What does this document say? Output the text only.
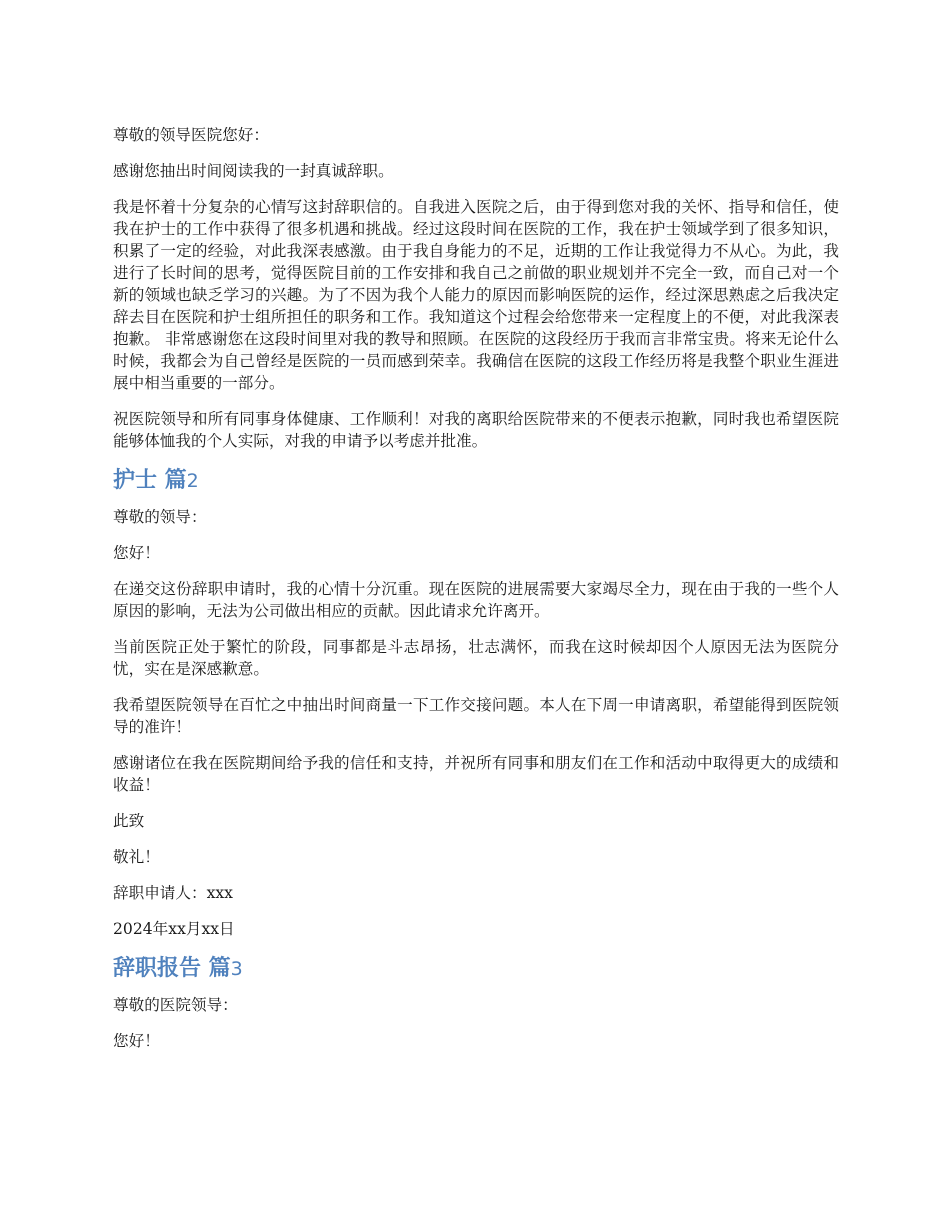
尊敬的领导医院您好：

感谢您抽出时间阅读我的一封真诚辞职。

我是怀着十分复杂的心情写这封辞职信的。自我进入医院之后，由于得到您对我的关怀、指导和信任，使我在护士的工作中获得了很多机遇和挑战。经过这段时间在医院的工作，我在护士领域学到了很多知识，积累了一定的经验，对此我深表感激。由于我自身能力的不足，近期的工作让我觉得力不从心。为此，我进行了长时间的思考，觉得医院目前的工作安排和我自己之前做的职业规划并不完全一致，而自己对一个新的领域也缺乏学习的兴趣。为了不因为我个人能力的原因而影响医院的运作，经过深思熟虑之后我决定辞去目在医院和护士组所担任的职务和工作。我知道这个过程会给您带来一定程度上的不便，对此我深表抱歉。 非常感谢您在这段时间里对我的教导和照顾。在医院的这段经历于我而言非常宝贵。将来无论什么时候，我都会为自己曾经是医院的一员而感到荣幸。我确信在医院的这段工作经历将是我整个职业生涯进展中相当重要的一部分。

祝医院领导和所有同事身体健康、工作顺利！对我的离职给医院带来的不便表示抱歉，同时我也希望医院能够体恤我的个人实际，对我的申请予以考虑并批准。

护士 篇2

尊敬的领导：

您好！

在递交这份辞职申请时，我的心情十分沉重。现在医院的进展需要大家竭尽全力，现在由于我的一些个人原因的影响，无法为公司做出相应的贡献。因此请求允许离开。

当前医院正处于繁忙的阶段，同事都是斗志昂扬，壮志满怀，而我在这时候却因个人原因无法为医院分忧，实在是深感歉意。

我希望医院领导在百忙之中抽出时间商量一下工作交接问题。本人在下周一申请离职，希望能得到医院领导的准许！

感谢诸位在我在医院期间给予我的信任和支持，并祝所有同事和朋友们在工作和活动中取得更大的成绩和收益！

此致

敬礼！

辞职申请人：xxx

2024年xx月xx日

辞职报告 篇3

尊敬的医院领导：

您好！
